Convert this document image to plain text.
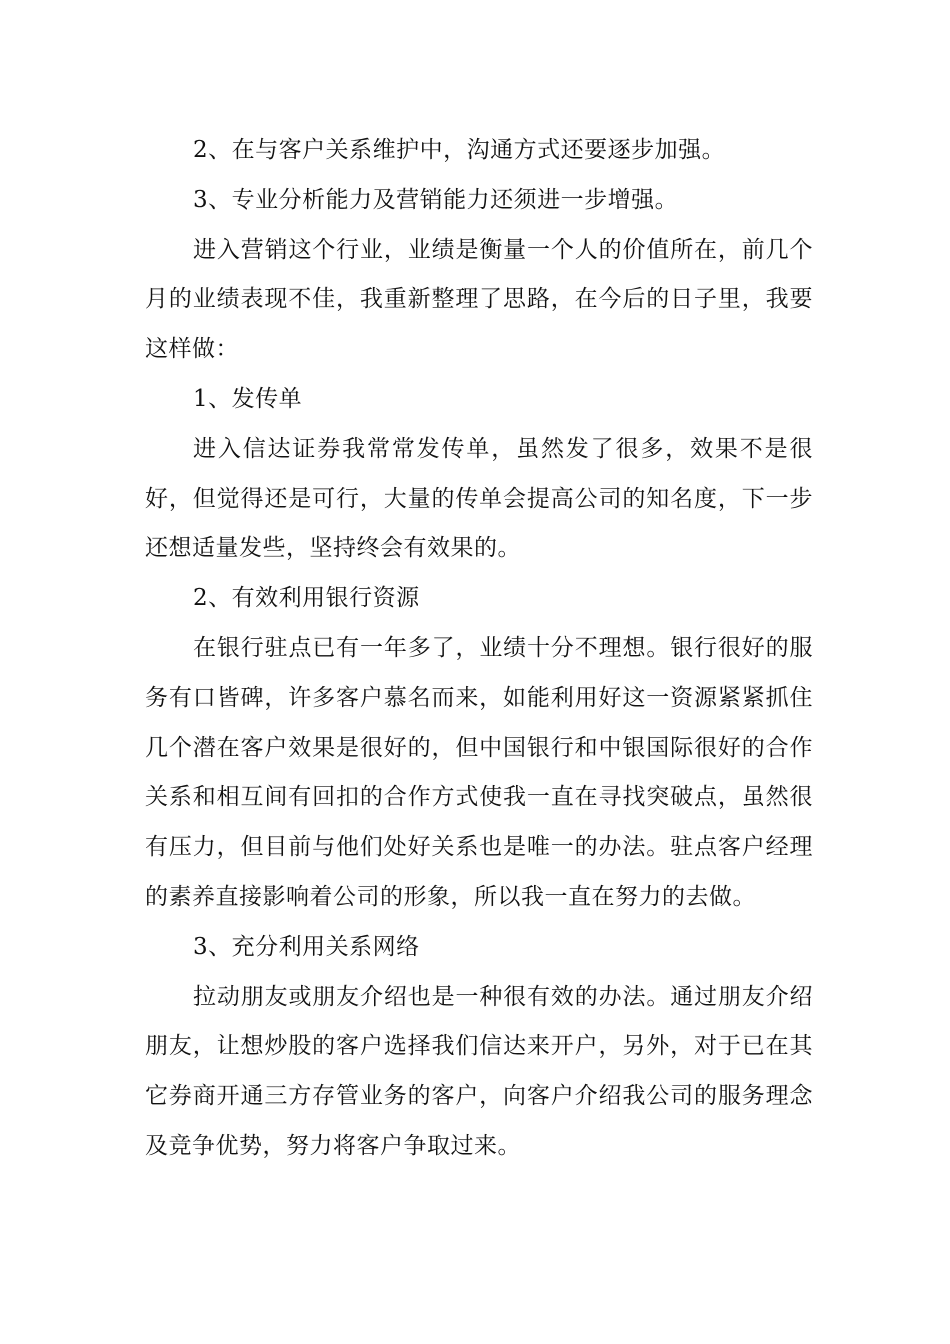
2、在与客户关系维护中，沟通方式还要逐步加强。

3、专业分析能力及营销能力还须进一步增强。

进入营销这个行业，业绩是衡量一个人的价值所在，前几个月的业绩表现不佳，我重新整理了思路，在今后的日子里，我要这样做：

1、发传单

进入信达证券我常常发传单，虽然发了很多，效果不是很好，但觉得还是可行，大量的传单会提高公司的知名度，下一步还想适量发些，坚持终会有效果的。

2、有效利用银行资源

在银行驻点已有一年多了，业绩十分不理想。银行很好的服务有口皆碑，许多客户慕名而来，如能利用好这一资源紧紧抓住几个潜在客户效果是很好的，但中国银行和中银国际很好的合作关系和相互间有回扣的合作方式使我一直在寻找突破点，虽然很有压力，但目前与他们处好关系也是唯一的办法。驻点客户经理的素养直接影响着公司的形象，所以我一直在努力的去做。

3、充分利用关系网络

拉动朋友或朋友介绍也是一种很有效的办法。通过朋友介绍朋友，让想炒股的客户选择我们信达来开户，另外，对于已在其它券商开通三方存管业务的客户，向客户介绍我公司的服务理念及竞争优势，努力将客户争取过来。
